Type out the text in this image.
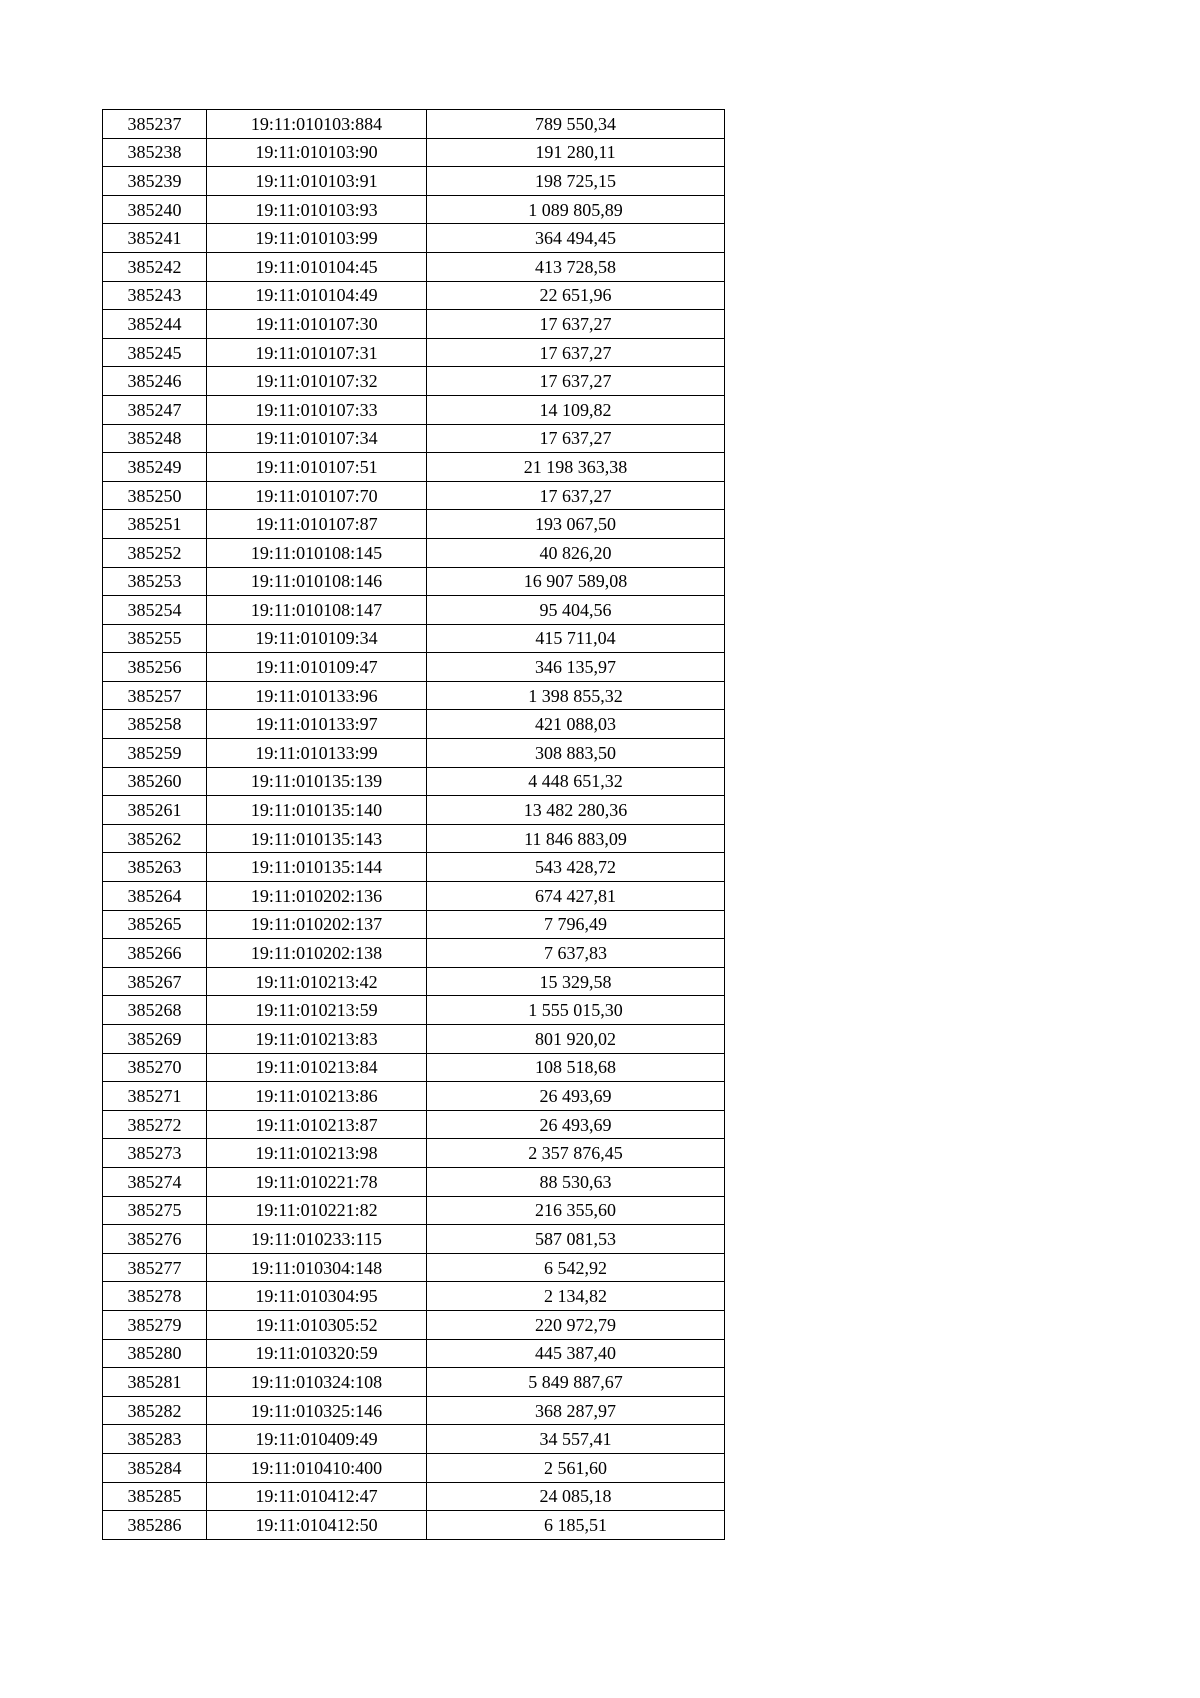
385237	19:11:010103:884	789 550,34
385238	19:11:010103:90	191 280,11
385239	19:11:010103:91	198 725,15
385240	19:11:010103:93	1 089 805,89
385241	19:11:010103:99	364 494,45
385242	19:11:010104:45	413 728,58
385243	19:11:010104:49	22 651,96
385244	19:11:010107:30	17 637,27
385245	19:11:010107:31	17 637,27
385246	19:11:010107:32	17 637,27
385247	19:11:010107:33	14 109,82
385248	19:11:010107:34	17 637,27
385249	19:11:010107:51	21 198 363,38
385250	19:11:010107:70	17 637,27
385251	19:11:010107:87	193 067,50
385252	19:11:010108:145	40 826,20
385253	19:11:010108:146	16 907 589,08
385254	19:11:010108:147	95 404,56
385255	19:11:010109:34	415 711,04
385256	19:11:010109:47	346 135,97
385257	19:11:010133:96	1 398 855,32
385258	19:11:010133:97	421 088,03
385259	19:11:010133:99	308 883,50
385260	19:11:010135:139	4 448 651,32
385261	19:11:010135:140	13 482 280,36
385262	19:11:010135:143	11 846 883,09
385263	19:11:010135:144	543 428,72
385264	19:11:010202:136	674 427,81
385265	19:11:010202:137	7 796,49
385266	19:11:010202:138	7 637,83
385267	19:11:010213:42	15 329,58
385268	19:11:010213:59	1 555 015,30
385269	19:11:010213:83	801 920,02
385270	19:11:010213:84	108 518,68
385271	19:11:010213:86	26 493,69
385272	19:11:010213:87	26 493,69
385273	19:11:010213:98	2 357 876,45
385274	19:11:010221:78	88 530,63
385275	19:11:010221:82	216 355,60
385276	19:11:010233:115	587 081,53
385277	19:11:010304:148	6 542,92
385278	19:11:010304:95	2 134,82
385279	19:11:010305:52	220 972,79
385280	19:11:010320:59	445 387,40
385281	19:11:010324:108	5 849 887,67
385282	19:11:010325:146	368 287,97
385283	19:11:010409:49	34 557,41
385284	19:11:010410:400	2 561,60
385285	19:11:010412:47	24 085,18
385286	19:11:010412:50	6 185,51
